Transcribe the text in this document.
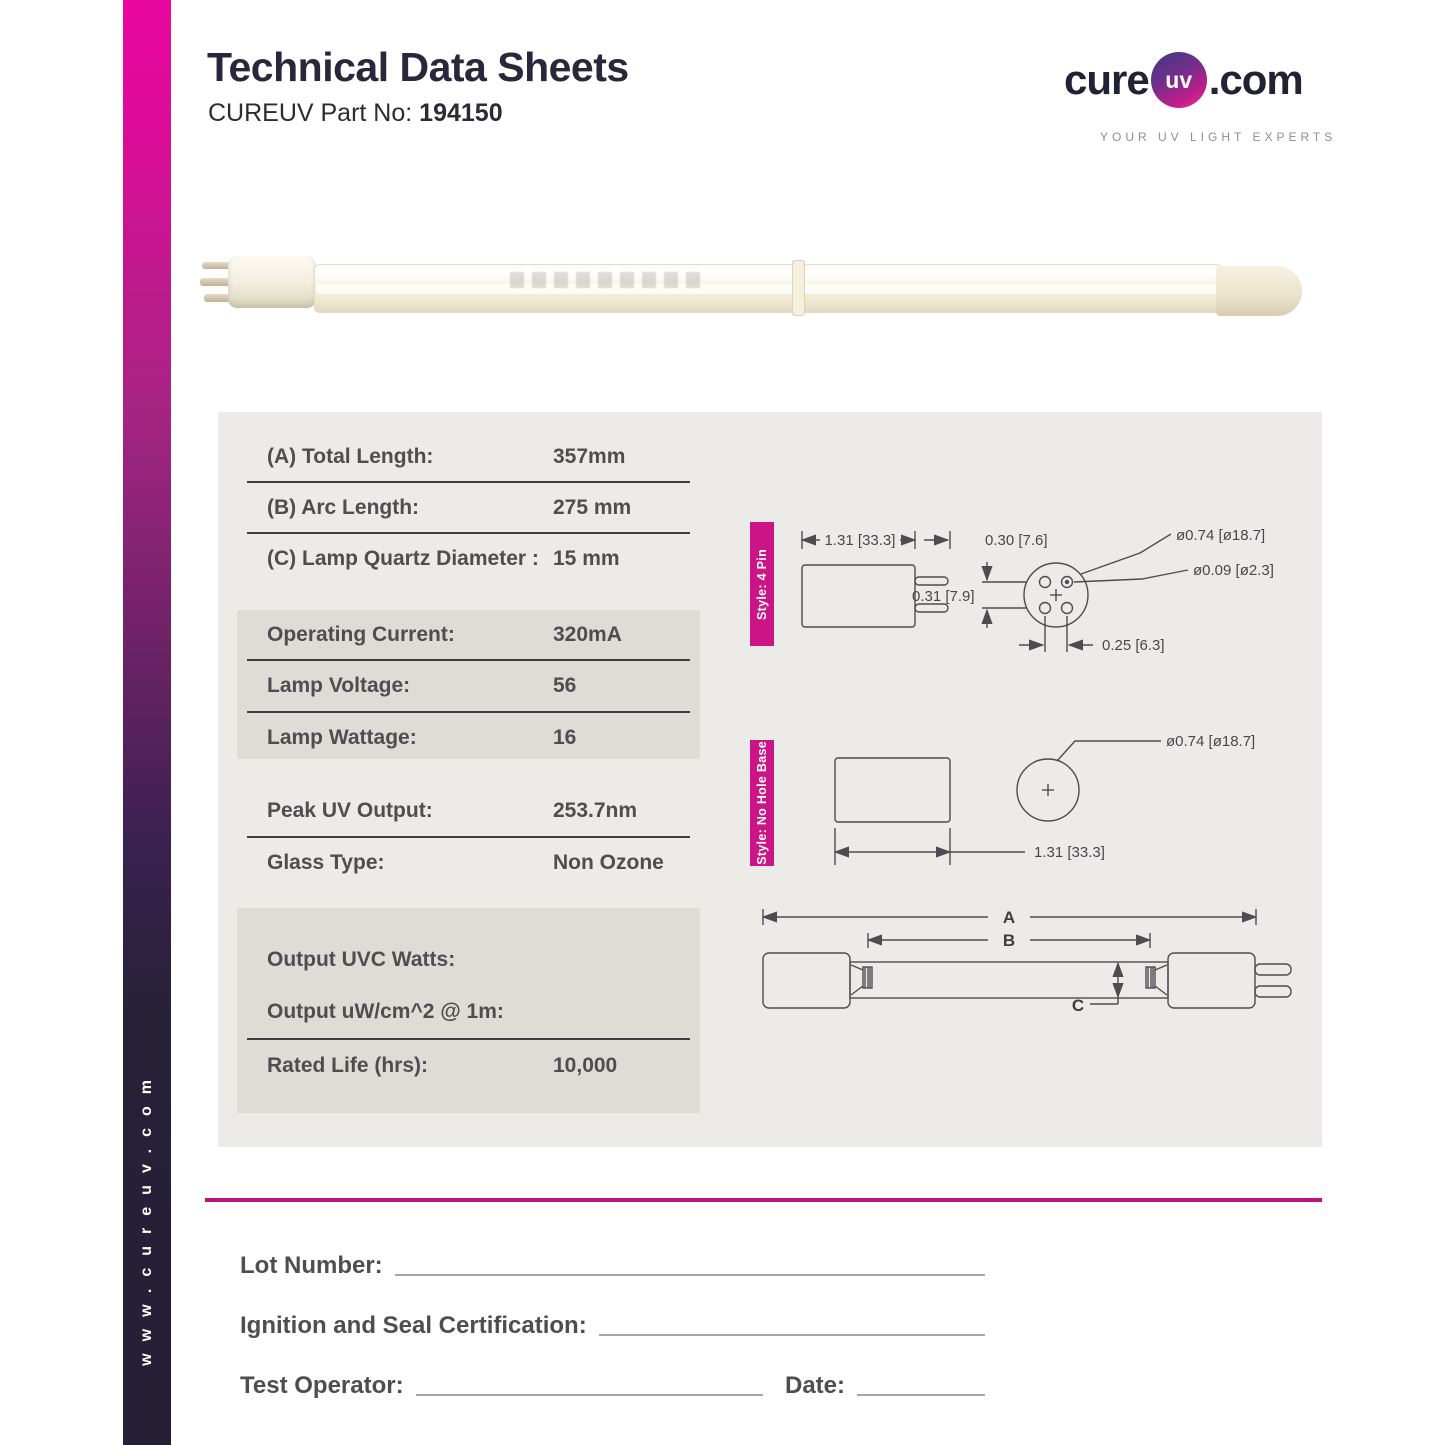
www.cureuv.com
Technical Data Sheets
CUREUV Part No: 194150
cure uv .com
YOUR UV LIGHT EXPERTS
(A) Total Length:	357mm
(B) Arc Length:	275 mm
(C) Lamp Quartz Diameter : 15 mm
Operating Current:	320mA
Lamp Voltage:	56
Lamp Wattage:	16
Peak UV Output:	253.7nm
Glass Type:	Non Ozone
Output UVC Watts:
Output uW/cm^2 @ 1m:
Rated Life (hrs):	10,000
Style: 4 Pin
Style: No Hole Base
1.31 [33.3]	0.30 [7.6]
0.31 [7.9]
0.25 [6.3]
ø0.74 [ø18.7]
ø0.09 [ø2.3]
1.31 [33.3]
ø0.74 [ø18.7]
A
B
C
Lot Number:
Ignition and Seal Certification:
Test Operator:	Date:
